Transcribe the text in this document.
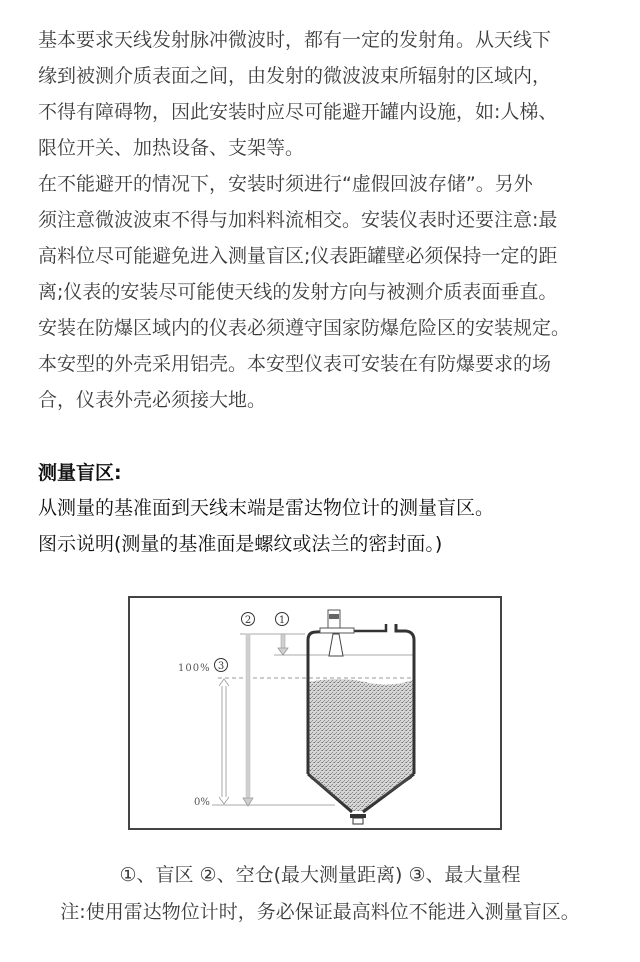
基本要求天线发射脉冲微波时，都有一定的发射角。从天线下
缘到被测介质表面之间，由发射的微波波束所辐射的区域内，
不得有障碍物，因此安装时应尽可能避开罐内设施，如:人梯、
限位开关、加热设备、支架等。
在不能避开的情况下，安装时须进行“虚假回波存储”。另外
须注意微波波束不得与加料料流相交。安装仪表时还要注意:最
高料位尽可能避免进入测量盲区;仪表距罐壁必须保持一定的距
离;仪表的安装尽可能使天线的发射方向与被测介质表面垂直。
安装在防爆区域内的仪表必须遵守国家防爆危险区的安装规定。
本安型的外壳采用铝壳。本安型仪表可安装在有防爆要求的场
合，仪表外壳必须接大地。
测量盲区:
从测量的基准面到天线末端是雷达物位计的测量盲区。
图示说明(测量的基准面是螺纹或法兰的密封面。)
2	1
3
100%
0%
①、盲区 ②、空仓(最大测量距离) ③、最大量程
注:使用雷达物位计时，务必保证最高料位不能进入测量盲区。
